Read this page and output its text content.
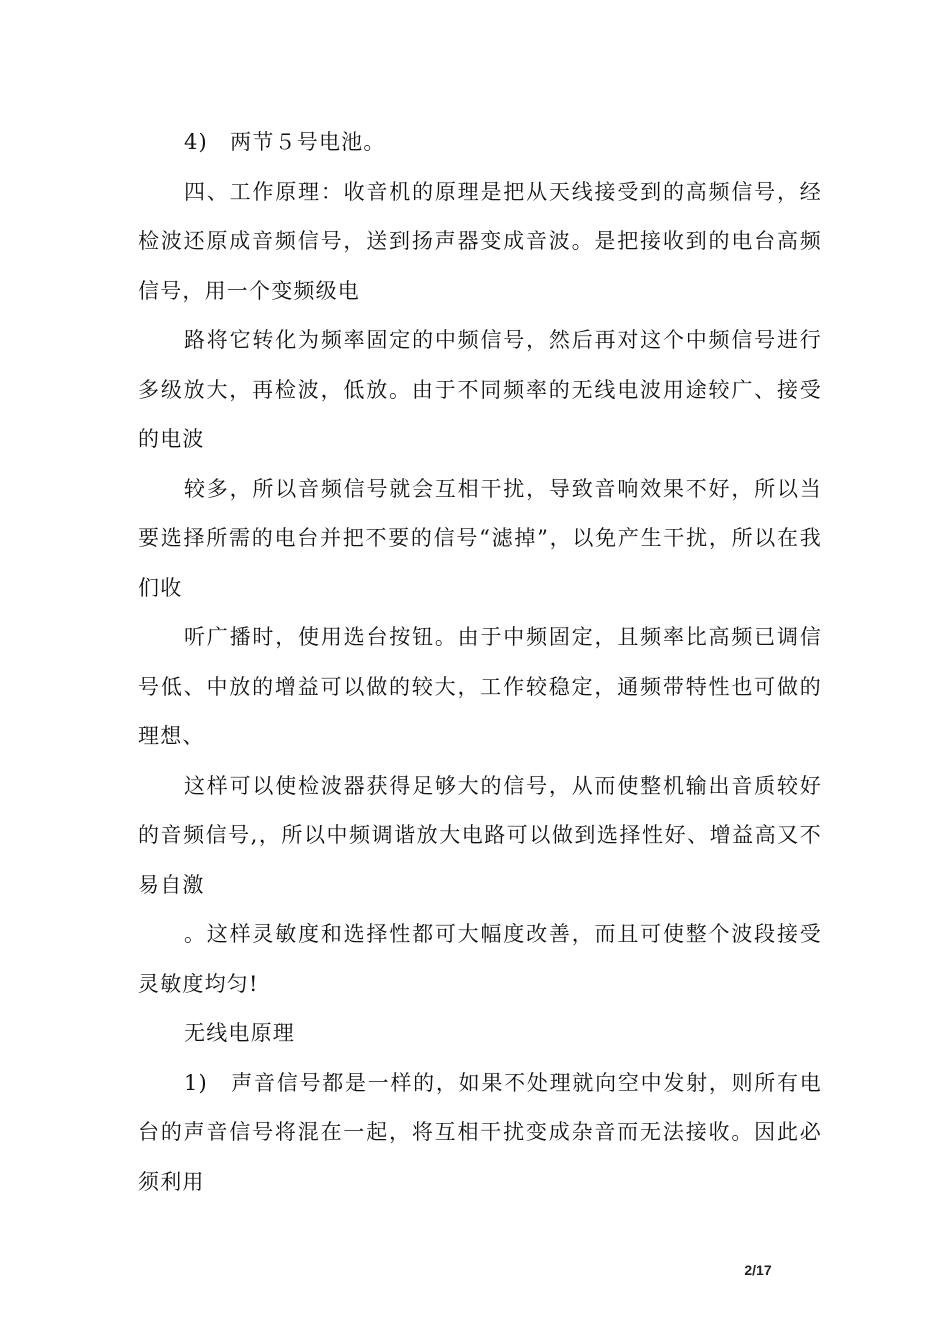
4)　两节５号电池。

四、工作原理：收音机的原理是把从天线接受到的高频信号，经检波还原成音频信号，送到扬声器变成音波。是把接收到的电台高频信号，用一个变频级电

路将它转化为频率固定的中频信号，然后再对这个中频信号进行多级放大，再检波，低放。由于不同频率的无线电波用途较广、接受的电波

较多，所以音频信号就会互相干扰，导致音响效果不好，所以当要选择所需的电台并把不要的信号“滤掉”，以免产生干扰，所以在我们收

听广播时，使用选台按钮。由于中频固定，且频率比高频已调信号低、中放的增益可以做的较大，工作较稳定，通频带特性也可做的理想、

这样可以使检波器获得足够大的信号，从而使整机输出音质较好的音频信号,，所以中频调谐放大电路可以做到选择性好、增益高又不易自激

。这样灵敏度和选择性都可大幅度改善，而且可使整个波段接受灵敏度均匀!

无线电原理

1)　声音信号都是一样的，如果不处理就向空中发射，则所有电台的声音信号将混在一起，将互相干扰变成杂音而无法接收。因此必须利用

2/17
